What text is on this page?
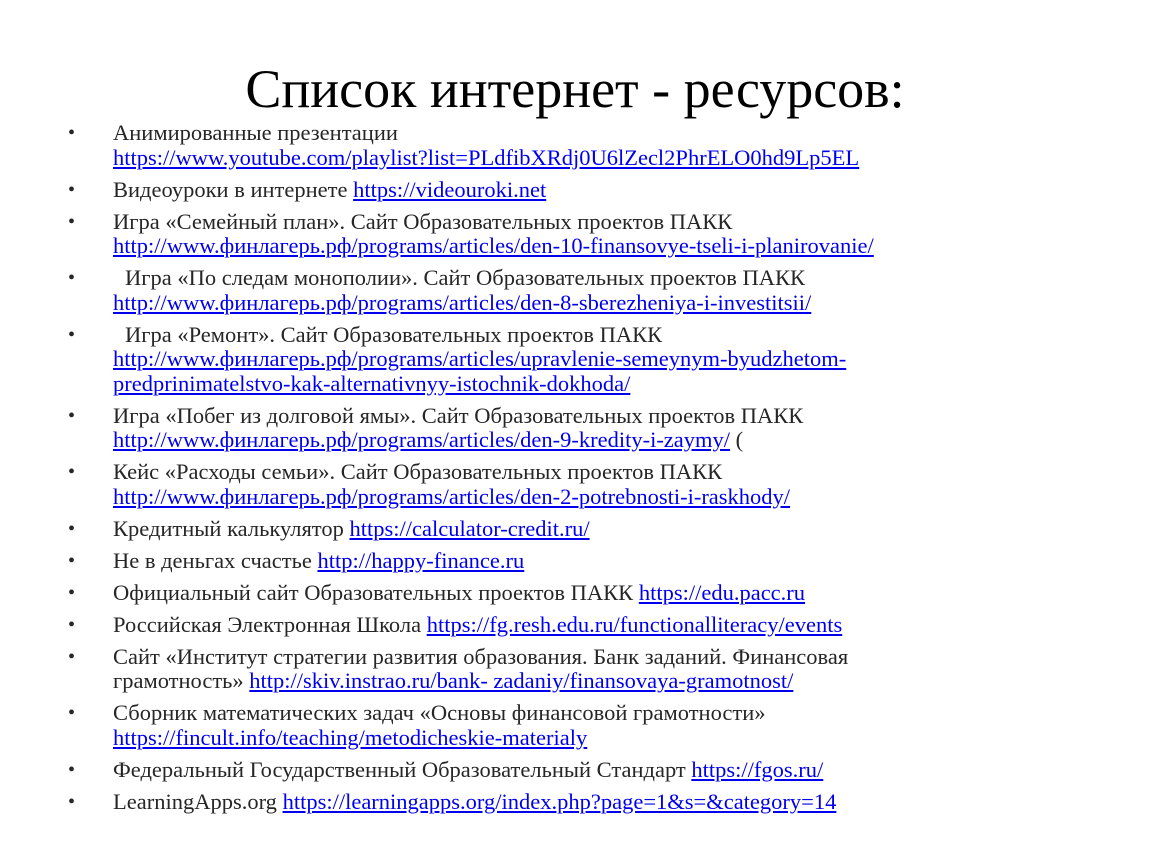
Список интернет - ресурсов:
• Анимированные презентации
https://www.youtube.com/playlist?list=PLdfibXRdj0U6lZecl2PhrELO0hd9Lp5EL
• Видеоуроки в интернете https://videouroki.net
• Игра «Семейный план». Сайт Образовательных проектов ПАКК
http://www.финлагерь.рф/programs/articles/den-10-finansovye-tseli-i-planirovanie/
•	Игра «По следам монополии». Сайт Образовательных проектов ПАКК
http://www.финлагерь.рф/programs/articles/den-8-sberezheniya-i-investitsii/
•	Игра «Ремонт». Сайт Образовательных проектов ПАКК
http://www.финлагерь.рф/programs/articles/upravlenie-semeynym-byudzhetom-
predprinimatelstvo-kak-alternativnyy-istochnik-dokhoda/
• Игра «Побег из долговой ямы». Сайт Образовательных проектов ПАКК
http://www.финлагерь.рф/programs/articles/den-9-kredity-i-zaymy/ (
• Кейс «Расходы семьи». Сайт Образовательных проектов ПАКК
http://www.финлагерь.рф/programs/articles/den-2-potrebnosti-i-raskhody/
• Кредитный калькулятор https://calculator-credit.ru/
• Не в деньгах счастье http://happy-finance.ru
• Официальный сайт Образовательных проектов ПАКК https://edu.pacc.ru
• Российская Электронная Школа https://fg.resh.edu.ru/functionalliteracy/events
• Сайт «Институт стратегии развития образования. Банк заданий. Финансовая
грамотность» http://skiv.instrao.ru/bank- zadaniy/finansovaya-gramotnost/
• Сборник математических задач «Основы финансовой грамотности»
https://fincult.info/teaching/metodicheskie-materialy
• Федеральный Государственный Образовательный Стандарт https://fgos.ru/
• LearningApps.org https://learningapps.org/index.php?page=1&s=&category=14
